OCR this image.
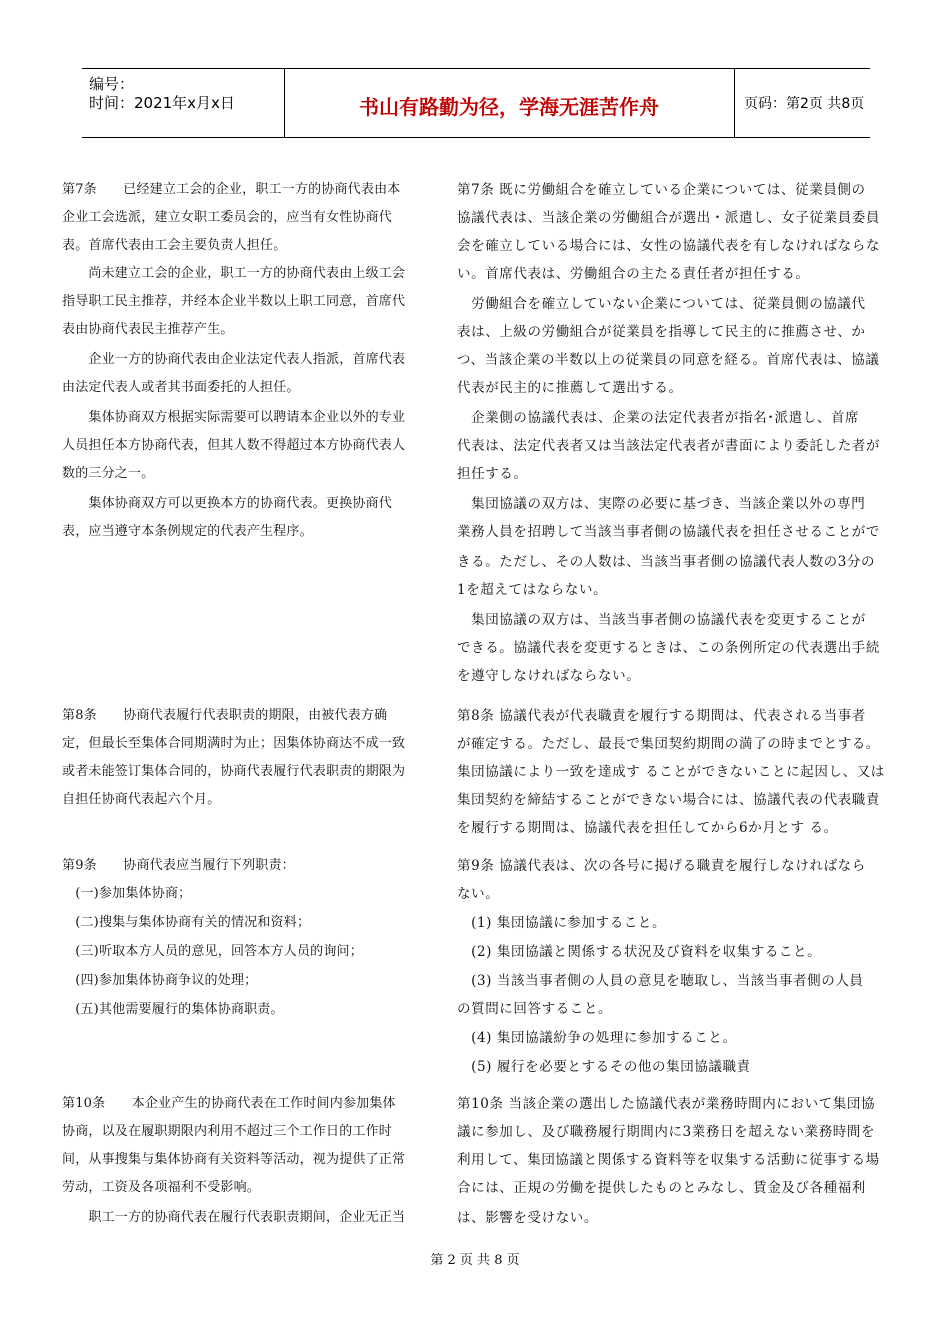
编号：
时间：2021年x月x日	书山有路勤为径，学海无涯苦作舟	页码：第2页 共8页
第7条　　已经建立工会的企业，职工一方的协商代表由本
企业工会选派，建立女职工委员会的，应当有女性协商代
表。首席代表由工会主要负责人担任。
　　尚未建立工会的企业，职工一方的协商代表由上级工会
指导职工民主推荐，并经本企业半数以上职工同意，首席代
表由协商代表民主推荐产生。
　　企业一方的协商代表由企业法定代表人指派，首席代表
由法定代表人或者其书面委托的人担任。
　　集体协商双方根据实际需要可以聘请本企业以外的专业
人员担任本方协商代表，但其人数不得超过本方协商代表人
数的三分之一。
　　集体协商双方可以更换本方的协商代表。更换协商代
表，应当遵守本条例规定的代表产生程序。
第8条　　协商代表履行代表职责的期限，由被代表方确
定，但最长至集体合同期满时为止；因集体协商达不成一致
或者未能签订集体合同的，协商代表履行代表职责的期限为
自担任协商代表起六个月。
第9条　　协商代表应当履行下列职责：
　(一)参加集体协商；
　(二)搜集与集体协商有关的情况和资料；
　(三)听取本方人员的意见，回答本方人员的询问；
　(四)参加集体协商争议的处理；
　(五)其他需要履行的集体协商职责。
第10条　　本企业产生的协商代表在工作时间内参加集体
协商，以及在履职期限内利用不超过三个工作日的工作时
间，从事搜集与集体协商有关资料等活动，视为提供了正常
劳动，工资及各项福利不受影响。
　　职工一方的协商代表在履行代表职责期间，企业无正当
第7条 既に労働組合を確立している企業については、従業員側の
協議代表は、当該企業の労働組合が選出・派遣し、女子従業員委員
会を確立している場合には、女性の協議代表を有しなければならな
い。首席代表は、労働組合の主たる責任者が担任する。
　労働組合を確立していない企業については、従業員側の協議代
表は、上級の労働組合が従業員を指導して民主的に推薦させ、か
つ、当該企業の半数以上の従業員の同意を経る。首席代表は、協議
代表が民主的に推薦して選出する。
　企業側の協議代表は、企業の法定代表者が指名･派遣し、首席
代表は、法定代表者又は当該法定代表者が書面により委託した者が
担任する。
　集団協議の双方は、実際の必要に基づき、当該企業以外の専門
業務人員を招聘して当該当事者側の協議代表を担任させることがで
きる。ただし、その人数は、当該当事者側の協議代表人数の3分の
1を超えてはならない。
　集団協議の双方は、当該当事者側の協議代表を変更することが
できる。協議代表を変更するときは、この条例所定の代表選出手続
を遵守しなければならない。
第8条 協議代表が代表職責を履行する期間は、代表される当事者
が確定する。ただし、最長で集団契約期間の満了の時までとする。
集団協議により一致を達成す ることができないことに起因し、又は
集団契約を締結することができない場合には、協議代表の代表職責
を履行する期間は、協議代表を担任してから6か月とす る。
第9条 協議代表は、次の各号に掲げる職責を履行しなければなら
ない。
　(1) 集団協議に参加すること。
　(2) 集団協議と関係する状況及び資料を収集すること。
　(3) 当該当事者側の人員の意見を聴取し、当該当事者側の人員
の質問に回答すること。
　(4) 集団協議紛争の処理に参加すること。
　(5) 履行を必要とするその他の集団協議職責
第10条 当該企業の選出した協議代表が業務時間内において集団協
議に参加し、及び職務履行期間内に3業務日を超えない業務時間を
利用して、集団協議と関係する資料等を収集する活動に従事する場
合には、正規の労働を提供したものとみなし、賃金及び各種福利
は、影響を受けない。
第 2 页 共 8 页
